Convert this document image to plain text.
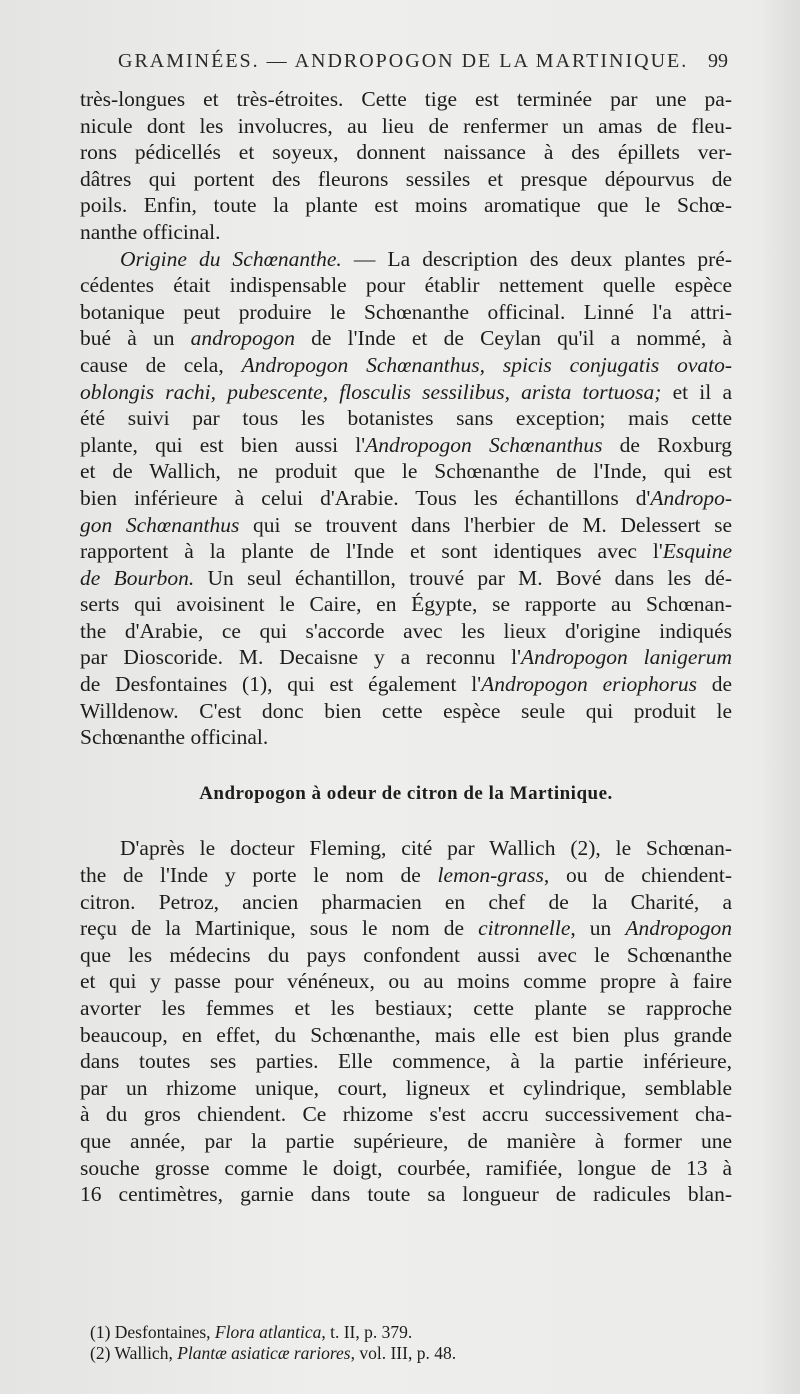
GRAMINÉES. — ANDROPOGON DE LA MARTINIQUE. 99
très-longues et très-étroites. Cette tige est terminée par une pa-
nicule dont les involucres, au lieu de renfermer un amas de fleu-
rons pédicellés et soyeux, donnent naissance à des épillets ver-
dâtres qui portent des fleurons sessiles et presque dépourvus de
poils. Enfin, toute la plante est moins aromatique que le Schœ-
nanthe officinal.
Origine du Schœnanthe. — La description des deux plantes pré-
cédentes était indispensable pour établir nettement quelle espèce
botanique peut produire le Schœnanthe officinal. Linné l'a attri-
bué à un andropogon de l'Inde et de Ceylan qu'il a nommé, à
cause de cela, Andropogon Schœnanthus, spicis conjugatis ovato-
oblongis rachi, pubescente, flosculis sessilibus, arista tortuosa; et il a
été suivi par tous les botanistes sans exception; mais cette
plante, qui est bien aussi l'Andropogon Schœnanthus de Roxburg
et de Wallich, ne produit que le Schœnanthe de l'Inde, qui est
bien inférieure à celui d'Arabie. Tous les échantillons d'Andropo-
gon Schœnanthus qui se trouvent dans l'herbier de M. Delessert se
rapportent à la plante de l'Inde et sont identiques avec l'Esquine
de Bourbon. Un seul échantillon, trouvé par M. Bové dans les dé-
serts qui avoisinent le Caire, en Égypte, se rapporte au Schœnan-
the d'Arabie, ce qui s'accorde avec les lieux d'origine indiqués
par Dioscoride. M. Decaisne y a reconnu l'Andropogon lanigerum
de Desfontaines (1), qui est également l'Andropogon eriophorus de
Willdenow. C'est donc bien cette espèce seule qui produit le
Schœnanthe officinal.
Andropogon à odeur de citron de la Martinique.
D'après le docteur Fleming, cité par Wallich (2), le Schœnan-
the de l'Inde y porte le nom de lemon-grass, ou de chiendent-
citron. Petroz, ancien pharmacien en chef de la Charité, a
reçu de la Martinique, sous le nom de citronnelle, un Andropogon
que les médecins du pays confondent aussi avec le Schœnanthe
et qui y passe pour vénéneux, ou au moins comme propre à faire
avorter les femmes et les bestiaux; cette plante se rapproche
beaucoup, en effet, du Schœnanthe, mais elle est bien plus grande
dans toutes ses parties. Elle commence, à la partie inférieure,
par un rhizome unique, court, ligneux et cylindrique, semblable
à du gros chiendent. Ce rhizome s'est accru successivement cha-
que année, par la partie supérieure, de manière à former une
souche grosse comme le doigt, courbée, ramifiée, longue de 13 à
16 centimètres, garnie dans toute sa longueur de radicules blan-
(1) Desfontaines, Flora atlantica, t. II, p. 379.
(2) Wallich, Plantæ asiaticæ rariores, vol. III, p. 48.
